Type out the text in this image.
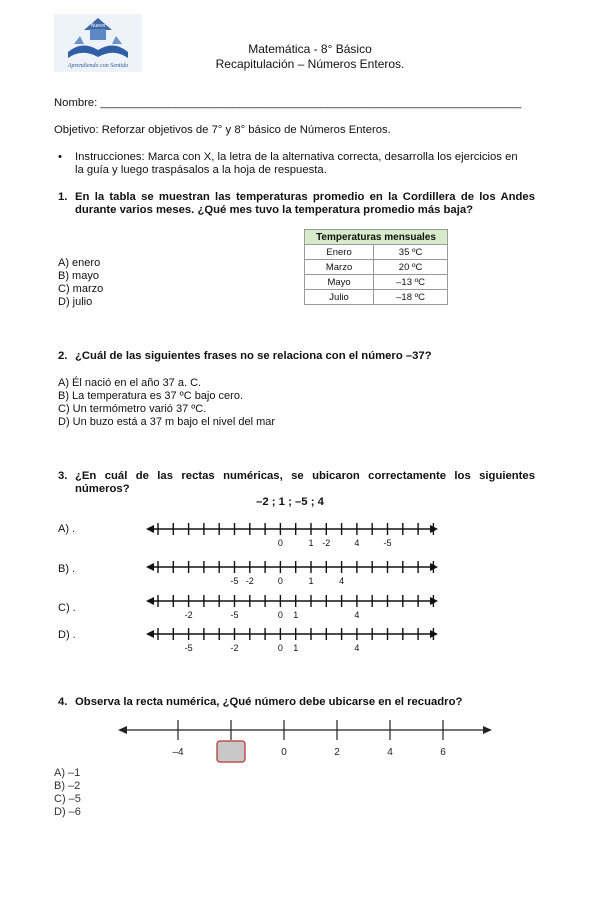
Nuevo
Aprendiendo con Sentido
Matemática - 8° Básico
Recapitulación – Números Enteros.
Nombre: ___________________________________________________________________
Objetivo: Reforzar objetivos de 7° y 8° básico de Números Enteros.
• Instrucciones: Marca con X, la letra de la alternativa correcta, desarrolla los ejercicios en
la guía y luego traspásalos a la hoja de respuesta.
1. En la tabla se muestran las temperaturas promedio en la Cordillera de los Andes
durante varios meses. ¿Qué mes tuvo la temperatura promedio más baja?
A) enero
B) mayo
C) marzo
D) julio
Temperaturas mensuales	
Enero	35 ºC
Marzo	20 ºC
Mayo	–13 ºC
Julio	–18 ºC
2. ¿Cuál de las siguientes frases no se relaciona con el número –37?
A) Él nació en el año 37 a. C.
B) La temperatura es 37 ºC bajo cero.
C) Un termómetro varió 37 ºC.
D) Un buzo está a 37 m bajo el nivel del mar
3. ¿En cuál de las rectas numéricas, se ubicaron correctamente los siguientes
números?
–2 ; 1 ; –5 ; 4
A) .
B) .
C) .
D) .
0	1 -2	4	-5
-5 -2	0	1	4
-2	-5	0 1	4
-5	-2	0 1	4
4. Observa la recta numérica, ¿Qué número debe ubicarse en el recuadro?
–4	0	2	4	6
A) –1
B) –2
C) –5
D) –6
